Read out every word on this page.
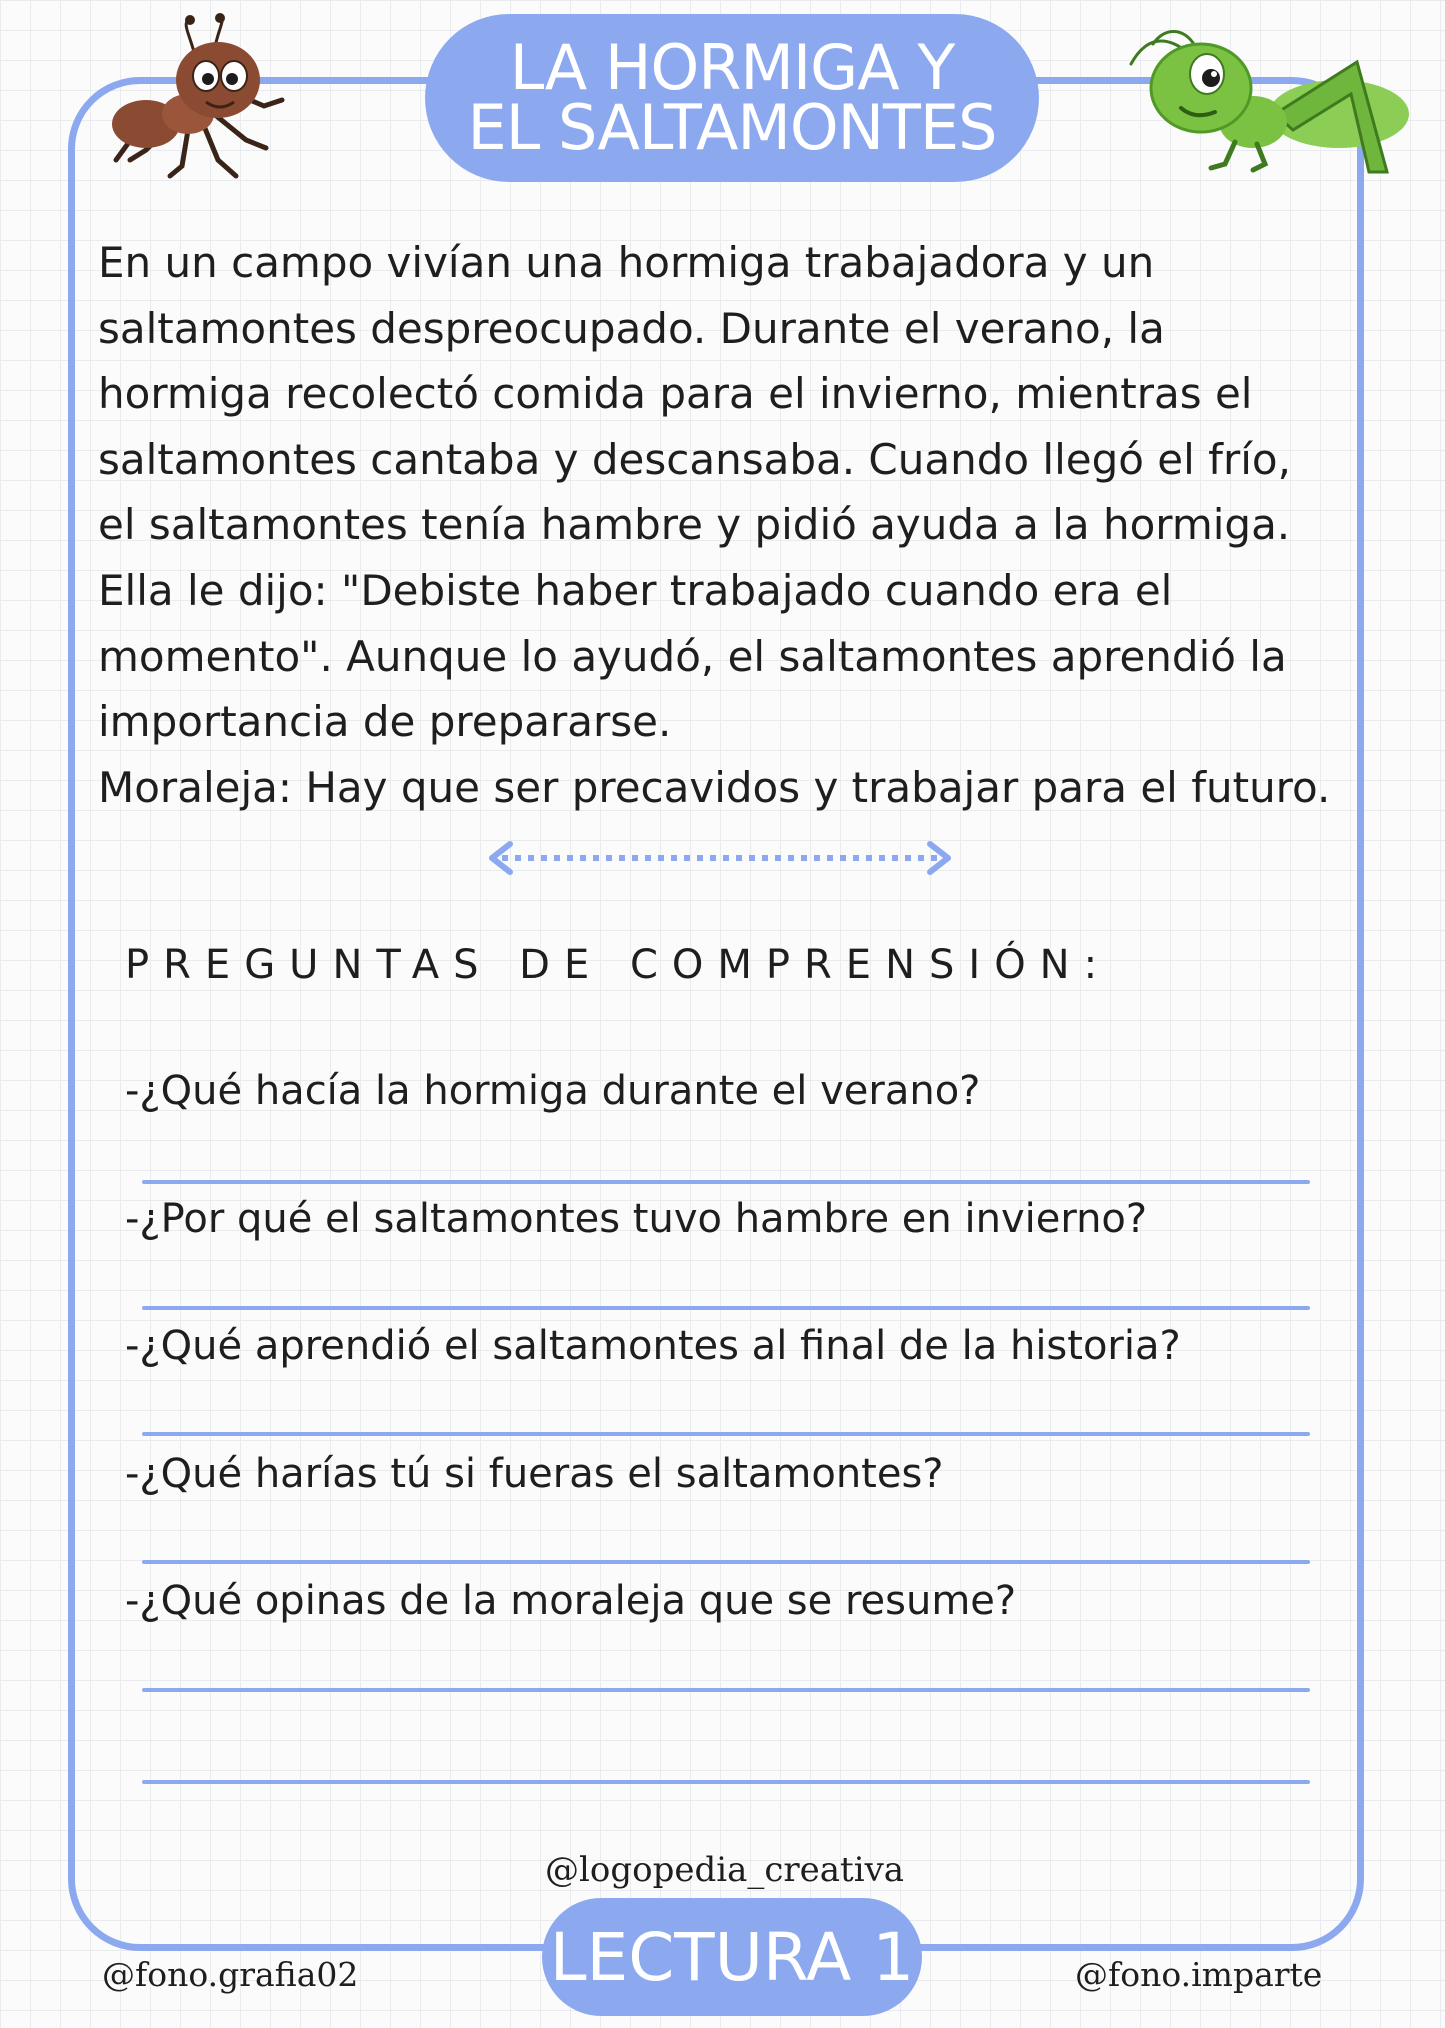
LA HORMIGA Y
EL SALTAMONTES

En un campo vivían una hormiga trabajadora y un

saltamontes despreocupado. Durante el verano, la

hormiga recolectó comida para el invierno, mientras el

saltamontes cantaba y descansaba. Cuando llegó el frío,

el saltamontes tenía hambre y pidió ayuda a la hormiga.

Ella le dijo: "Debiste haber trabajado cuando era el

momento". Aunque lo ayudó, el saltamontes aprendió la

importancia de prepararse.

Moraleja: Hay que ser precavidos y trabajar para el futuro.

PREGUNTAS DE COMPRENSIÓN:
-¿Qué hacía la hormiga durante el verano?
-¿Por qué el saltamontes tuvo hambre en invierno?
-¿Qué aprendió el saltamontes al final de la historia?
-¿Qué harías tú si fueras el saltamontes?
-¿Qué opinas de la moraleja que se resume?
@logopedia_creativa
@fono.grafia02	@fono.imparte
LECTURA 1
